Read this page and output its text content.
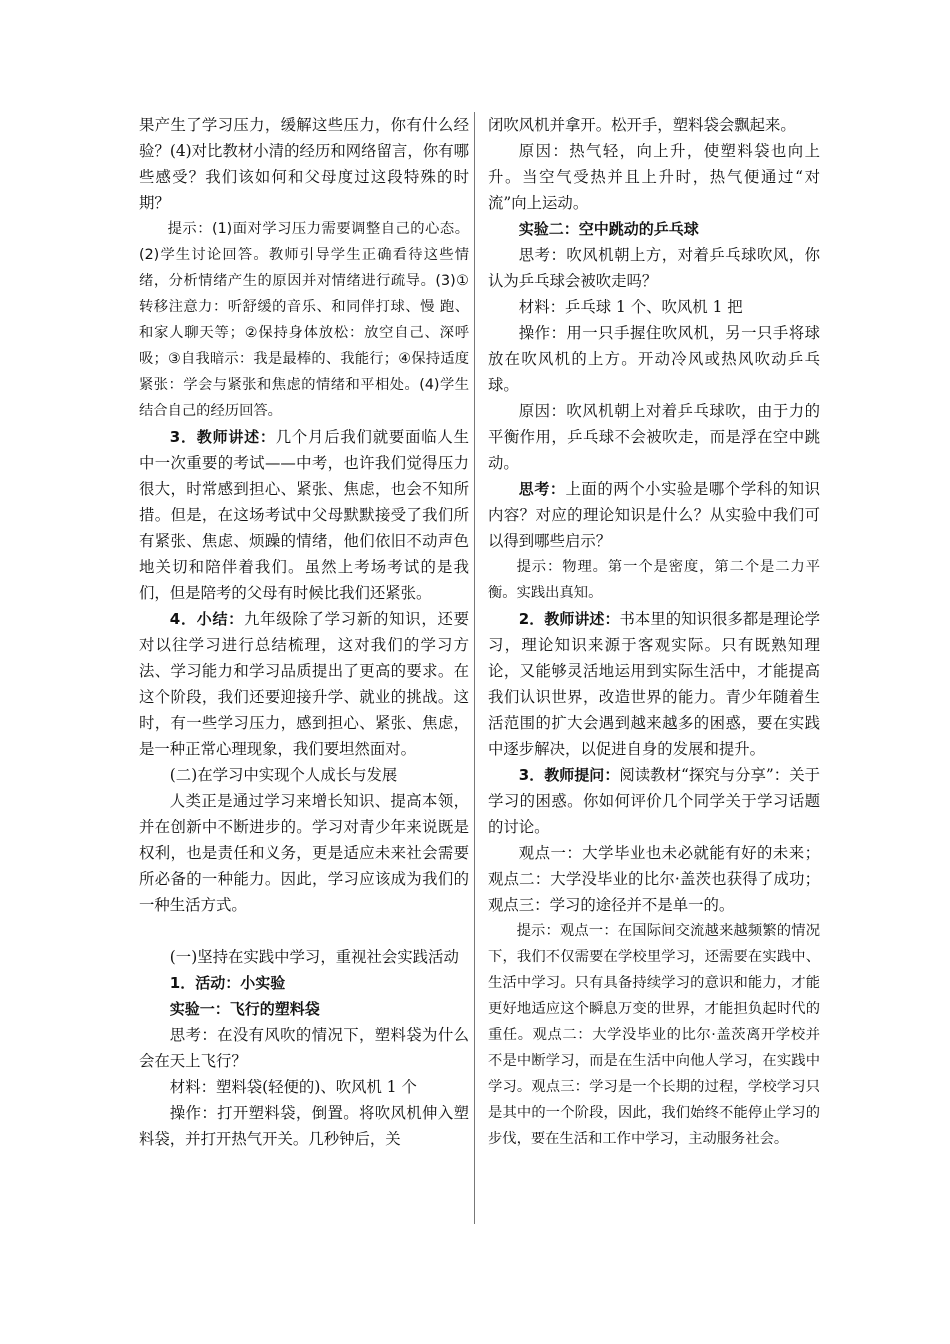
果产生了学习压力，缓解这些压力，你有什么经验？(4)对比教材小清的经历和网络留言，你有哪些感受？我们该如何和父母度过这段特殊的时期？

提示：(1)面对学习压力需要调整自己的心态。(2)学生讨论回答。教师引导学生正确看待这些情绪，分析情绪产生的原因并对情绪进行疏导。(3)① 转移注意力：听舒缓的音乐、和同伴打球、慢 跑、和家人聊天等；②保持身体放松：放空自己、深呼吸；③自我暗示：我是最棒的、我能行；④保持适度紧张：学会与紧张和焦虑的情绪和平相处。(4)学生结合自己的经历回答。

3．教师讲述：几个月后我们就要面临人生中一次重要的考试——中考，也许我们觉得压力很大，时常感到担心、紧张、焦虑，也会不知所措。但是，在这场考试中父母默默接受了我们所有紧张、焦虑、烦躁的情绪，他们依旧不动声色地关切和陪伴着我们。虽然上考场考试的是我们，但是陪考的父母有时候比我们还紧张。

4．小结：九年级除了学习新的知识，还要对以往学习进行总结梳理，这对我们的学习方法、学习能力和学习品质提出了更高的要求。在这个阶段，我们还要迎接升学、就业的挑战。这时，有一些学习压力，感到担心、紧张、焦虑，是一种正常心理现象，我们要坦然面对。

(二)在学习中实现个人成长与发展

人类正是通过学习来增长知识、提高本领，并在创新中不断进步的。学习对青少年来说既是权利，也是责任和义务，更是适应未来社会需要所必备的一种能力。因此，学习应该成为我们的一种生活方式。

(一)坚持在实践中学习，重视社会实践活动

1．活动：小实验

实验一：飞行的塑料袋

思考：在没有风吹的情况下，塑料袋为什么会在天上飞行？

材料：塑料袋(轻便的)、吹风机 1 个

操作：打开塑料袋，倒置。将吹风机伸入塑料袋，并打开热气开关。几秒钟后，关

闭吹风机并拿开。松开手，塑料袋会飘起来。

原因：热气轻，向上升，使塑料袋也向上升。当空气受热并且上升时，热气便通过“对流”向上运动。

实验二：空中跳动的乒乓球

思考：吹风机朝上方，对着乒乓球吹风，你认为乒乓球会被吹走吗？

材料：乒乓球 1 个、吹风机 1 把

操作：用一只手握住吹风机，另一只手将球放在吹风机的上方。开动冷风或热风吹动乒乓球。

原因：吹风机朝上对着乒乓球吹，由于力的平衡作用，乒乓球不会被吹走，而是浮在空中跳动。

思考：上面的两个小实验是哪个学科的知识内容？对应的理论知识是什么？从实验中我们可以得到哪些启示？

提示：物理。第一个是密度，第二个是二力平衡。实践出真知。

2．教师讲述：书本里的知识很多都是理论学习，理论知识来源于客观实际。只有既熟知理论，又能够灵活地运用到实际生活中，才能提高我们认识世界，改造世界的能力。青少年随着生活范围的扩大会遇到越来越多的困惑，要在实践中逐步解决，以促进自身的发展和提升。

3．教师提问：阅读教材“探究与分享”：关于学习的困惑。你如何评价几个同学关于学习话题的讨论。

观点一：大学毕业也未必就能有好的未来；观点二：大学没毕业的比尔·盖茨也获得了成功；观点三：学习的途径并不是单一的。

提示：观点一：在国际间交流越来越频繁的情况下，我们不仅需要在学校里学习，还需要在实践中、生活中学习。只有具备持续学习的意识和能力，才能更好地适应这个瞬息万变的世界，才能担负起时代的重任。观点二：大学没毕业的比尔·盖茨离开学校并不是中断学习，而是在生活中向他人学习，在实践中学习。观点三：学习是一个长期的过程，学校学习只是其中的一个阶段，因此，我们始终不能停止学习的步伐，要在生活和工作中学习，主动服务社会。
